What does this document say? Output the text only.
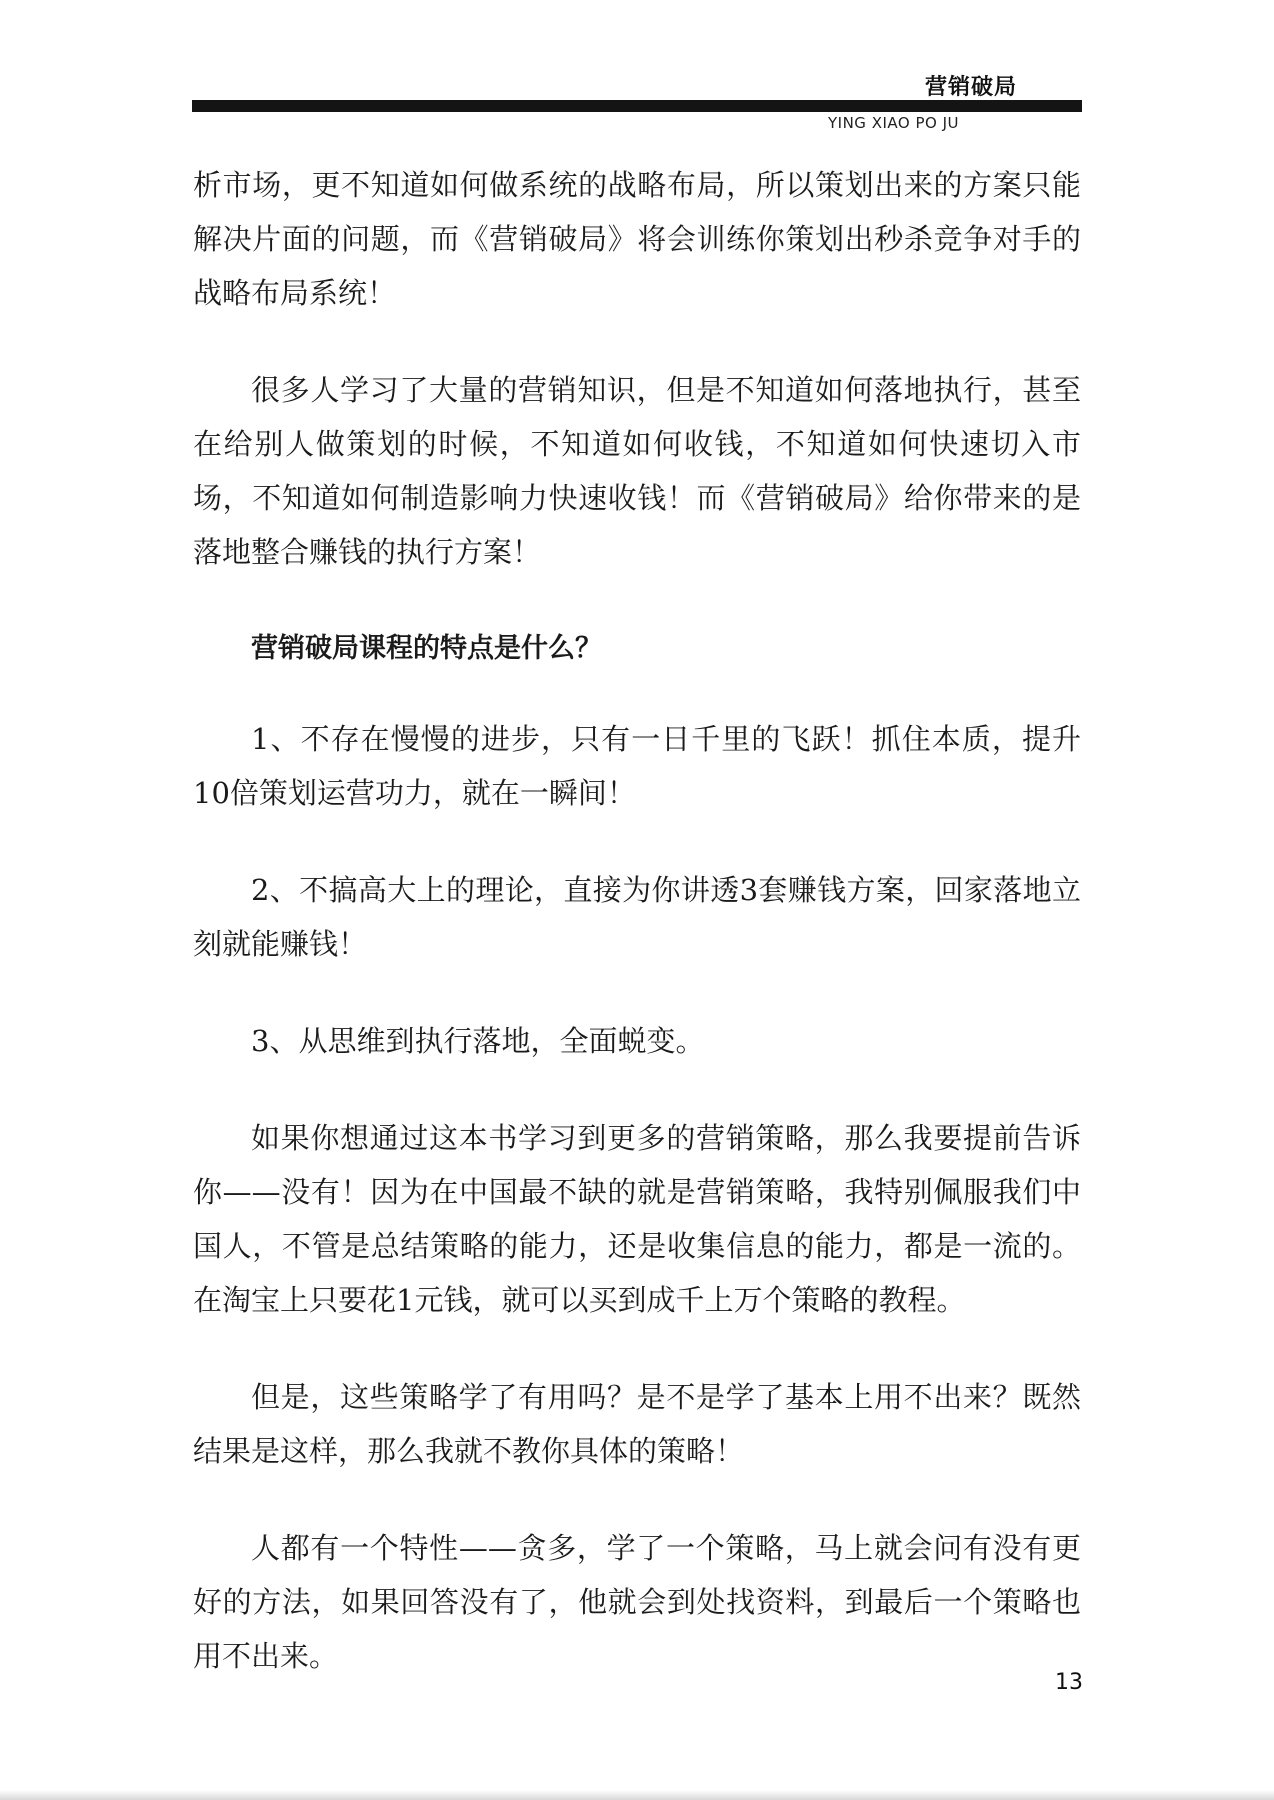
营销破局
YING XIAO PO JU

析市场，更不知道如何做系统的战略布局，所以策划出来的方案只能解决片面的问题，而《营销破局》将会训练你策划出秒杀竞争对手的战略布局系统！

很多人学习了大量的营销知识，但是不知道如何落地执行，甚至在给别人做策划的时候，不知道如何收钱，不知道如何快速切入市场，不知道如何制造影响力快速收钱！而《营销破局》给你带来的是落地整合赚钱的执行方案！

营销破局课程的特点是什么？

1、不存在慢慢的进步，只有一日千里的飞跃！抓住本质，提升10倍策划运营功力，就在一瞬间！

2、不搞高大上的理论，直接为你讲透3套赚钱方案，回家落地立刻就能赚钱！

3、从思维到执行落地，全面蜕变。

如果你想通过这本书学习到更多的营销策略，那么我要提前告诉你——没有！因为在中国最不缺的就是营销策略，我特别佩服我们中国人，不管是总结策略的能力，还是收集信息的能力，都是一流的。在淘宝上只要花1元钱，就可以买到成千上万个策略的教程。

但是，这些策略学了有用吗？是不是学了基本上用不出来？既然结果是这样，那么我就不教你具体的策略！

人都有一个特性——贪多，学了一个策略，马上就会问有没有更好的方法，如果回答没有了，他就会到处找资料，到最后一个策略也用不出来。

13
